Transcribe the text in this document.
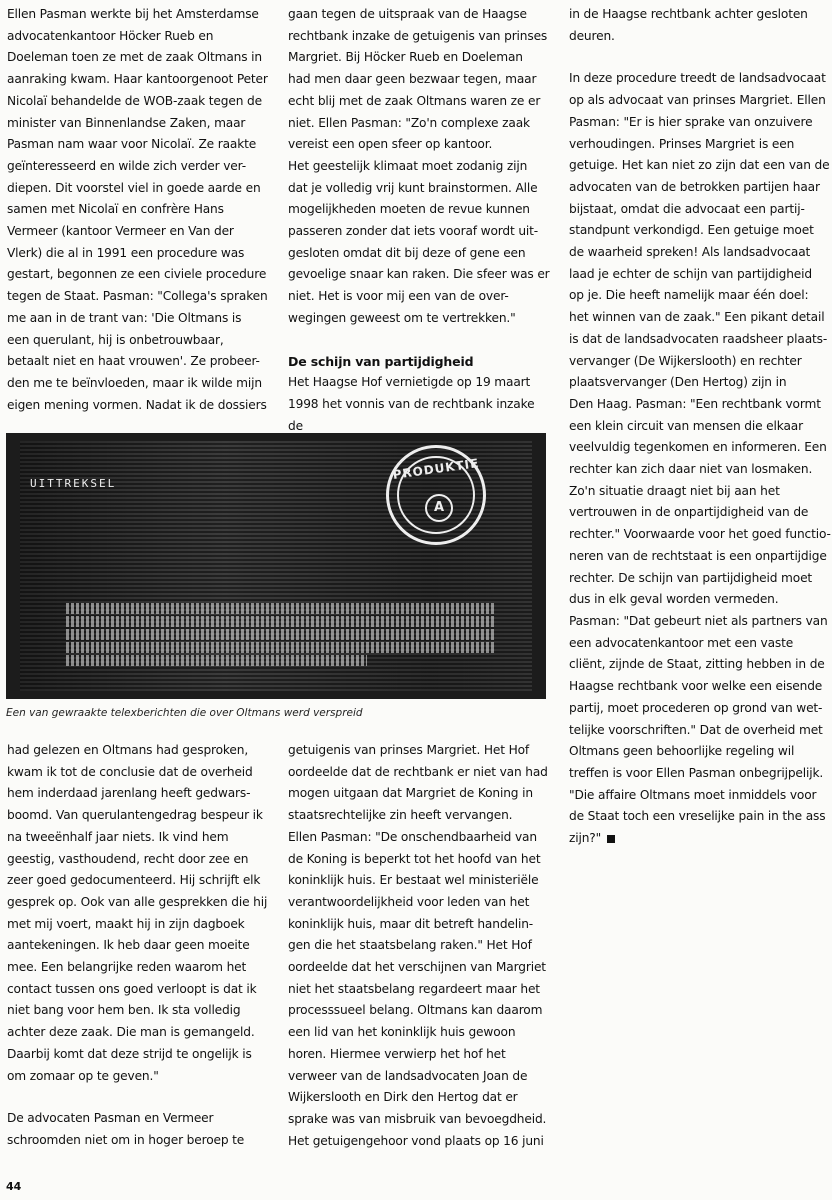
Ellen Pasman werkte bij het Amsterdamse
advocatenkantoor Höcker Rueb en
Doeleman toen ze met de zaak Oltmans in
aanraking kwam. Haar kantoorgenoot Peter
Nicolaï behandelde de WOB-zaak tegen de
minister van Binnenlandse Zaken, maar
Pasman nam waar voor Nicolaï. Ze raakte
geïnteresseerd en wilde zich verder ver-
diepen. Dit voorstel viel in goede aarde en
samen met Nicolaï en confrère Hans
Vermeer (kantoor Vermeer en Van der
Vlerk) die al in 1991 een procedure was
gestart, begonnen ze een civiele procedure
tegen de Staat. Pasman: "Collega's spraken
me aan in de trant van: 'Die Oltmans is
een querulant, hij is onbetrouwbaar,
betaalt niet en haat vrouwen'. Ze probeer-
den me te beïnvloeden, maar ik wilde mijn
eigen mening vormen. Nadat ik de dossiers

gaan tegen de uitspraak van de Haagse
rechtbank inzake de getuigenis van prinses
Margriet. Bij Höcker Rueb en Doeleman
had men daar geen bezwaar tegen, maar
echt blij met de zaak Oltmans waren ze er
niet. Ellen Pasman: "Zo'n complexe zaak
vereist een open sfeer op kantoor.
Het geestelijk klimaat moet zodanig zijn
dat je volledig vrij kunt brainstormen. Alle
mogelijkheden moeten de revue kunnen
passeren zonder dat iets vooraf wordt uit-
gesloten omdat dit bij deze of gene een
gevoelige snaar kan raken. Die sfeer was er
niet. Het is voor mij een van de over-
wegingen geweest om te vertrekken."

De schijn van partijdigheid

Het Haagse Hof vernietigde op 19 maart
1998 het vonnis van de rechtbank inzake de

in de Haagse rechtbank achter gesloten
deuren.

In deze procedure treedt de landsadvocaat
op als advocaat van prinses Margriet. Ellen
Pasman: "Er is hier sprake van onzuivere
verhoudingen. Prinses Margriet is een
getuige. Het kan niet zo zijn dat een van de
advocaten van de betrokken partijen haar
bijstaat, omdat die advocaat een partij-
standpunt verkondigd. Een getuige moet
de waarheid spreken! Als landsadvocaat
laad je echter de schijn van partijdigheid
op je. Die heeft namelijk maar één doel:
het winnen van de zaak." Een pikant detail
is dat de landsadvocaten raadsheer plaats-
vervanger (De Wijkerslooth) en rechter
plaatsvervanger (Den Hertog) zijn in
Den Haag. Pasman: "Een rechtbank vormt
een klein circuit van mensen die elkaar
veelvuldig tegenkomen en informeren. Een
rechter kan zich daar niet van losmaken.
Zo'n situatie draagt niet bij aan het
vertrouwen in de onpartijdigheid van de
rechter." Voorwaarde voor het goed functio-
neren van de rechtstaat is een onpartijdige
rechter. De schijn van partijdigheid moet
dus in elk geval worden vermeden.
Pasman: "Dat gebeurt niet als partners van
een advocatenkantoor met een vaste
cliënt, zijnde de Staat, zitting hebben in de
Haagse rechtbank voor welke een eisende
partij, moet procederen op grond van wet-
telijke voorschriften." Dat de overheid met
Oltmans geen behoorlijke regeling wil
treffen is voor Ellen Pasman onbegrijpelijk.
"Die affaire Oltmans moet inmiddels voor
de Staat toch een vreselijke pain in the ass
zijn?"

UITTREKSEL
PRODUKTIE
A
Een van gewraakte telexberichten die over Oltmans werd verspreid

had gelezen en Oltmans had gesproken,
kwam ik tot de conclusie dat de overheid
hem inderdaad jarenlang heeft gedwars-
boomd. Van querulantengedrag bespeur ik
na tweeënhalf jaar niets. Ik vind hem
geestig, vasthoudend, recht door zee en
zeer goed gedocumenteerd. Hij schrijft elk
gesprek op. Ook van alle gesprekken die hij
met mij voert, maakt hij in zijn dagboek
aantekeningen. Ik heb daar geen moeite
mee. Een belangrijke reden waarom het
contact tussen ons goed verloopt is dat ik
niet bang voor hem ben. Ik sta volledig
achter deze zaak. Die man is gemangeld.
Daarbij komt dat deze strijd te ongelijk is
om zomaar op te geven."

De advocaten Pasman en Vermeer
schroomden niet om in hoger beroep te

getuigenis van prinses Margriet. Het Hof
oordeelde dat de rechtbank er niet van had
mogen uitgaan dat Margriet de Koning in
staatsrechtelijke zin heeft vervangen.
Ellen Pasman: "De onschendbaarheid van
de Koning is beperkt tot het hoofd van het
koninklijk huis. Er bestaat wel ministeriële
verantwoordelijkheid voor leden van het
koninklijk huis, maar dit betreft handelin-
gen die het staatsbelang raken." Het Hof
oordeelde dat het verschijnen van Margriet
niet het staatsbelang regardeert maar het
processsueel belang. Oltmans kan daarom
een lid van het koninklijk huis gewoon
horen. Hiermee verwierp het hof het
verweer van de landsadvocaten Joan de
Wijkerslooth en Dirk den Hertog dat er
sprake was van misbruik van bevoegdheid.
Het getuigengehoor vond plaats op 16 juni

44
